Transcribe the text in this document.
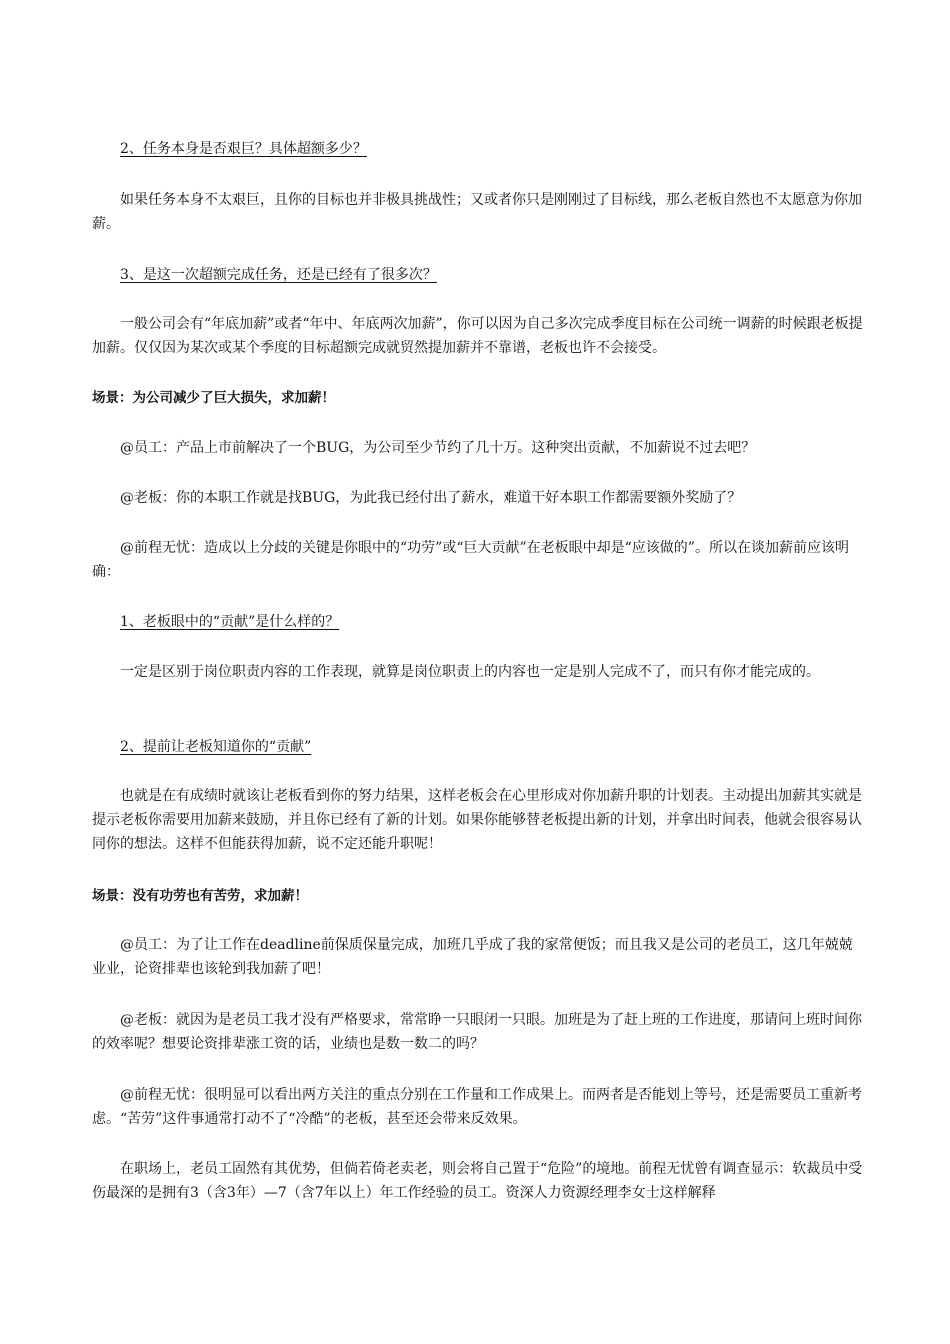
2、任务本身是否艰巨？具体超额多少？

如果任务本身不太艰巨，且你的目标也并非极具挑战性；又或者你只是刚刚过了目标线，那么老板自然也不太愿意为你加薪。

3、是这一次超额完成任务，还是已经有了很多次？

一般公司会有“年底加薪”或者“年中、年底两次加薪”，你可以因为自己多次完成季度目标在公司统一调薪的时候跟老板提加薪。仅仅因为某次或某个季度的目标超额完成就贸然提加薪并不靠谱，老板也许不会接受。

场景：为公司减少了巨大损失，求加薪！

@员工：产品上市前解决了一个BUG，为公司至少节约了几十万。这种突出贡献，不加薪说不过去吧？

@老板：你的本职工作就是找BUG，为此我已经付出了薪水，难道干好本职工作都需要额外奖励了？

@前程无忧：造成以上分歧的关键是你眼中的“功劳”或“巨大贡献”在老板眼中却是“应该做的”。所以在谈加薪前应该明确：

1、老板眼中的“贡献”是什么样的？

一定是区别于岗位职责内容的工作表现，就算是岗位职责上的内容也一定是别人完成不了，而只有你才能完成的。

2、提前让老板知道你的“贡献”

也就是在有成绩时就该让老板看到你的努力结果，这样老板会在心里形成对你加薪升职的计划表。主动提出加薪其实就是提示老板你需要用加薪来鼓励，并且你已经有了新的计划。如果你能够替老板提出新的计划，并拿出时间表，他就会很容易认同你的想法。这样不但能获得加薪，说不定还能升职呢！

场景：没有功劳也有苦劳，求加薪！

@员工：为了让工作在deadline前保质保量完成，加班几乎成了我的家常便饭；而且我又是公司的老员工，这几年兢兢业业，论资排辈也该轮到我加薪了吧！

@老板：就因为是老员工我才没有严格要求，常常睁一只眼闭一只眼。加班是为了赶上班的工作进度，那请问上班时间你的效率呢？想要论资排辈涨工资的话，业绩也是数一数二的吗？

@前程无忧：很明显可以看出两方关注的重点分别在工作量和工作成果上。而两者是否能划上等号，还是需要员工重新考虑。“苦劳”这件事通常打动不了“冷酷”的老板，甚至还会带来反效果。

在职场上，老员工固然有其优势，但倘若倚老卖老，则会将自己置于“危险”的境地。前程无忧曾有调查显示：软裁员中受伤最深的是拥有3（含3年）—7（含7年以上）年工作经验的员工。资深人力资源经理李女士这样解释
